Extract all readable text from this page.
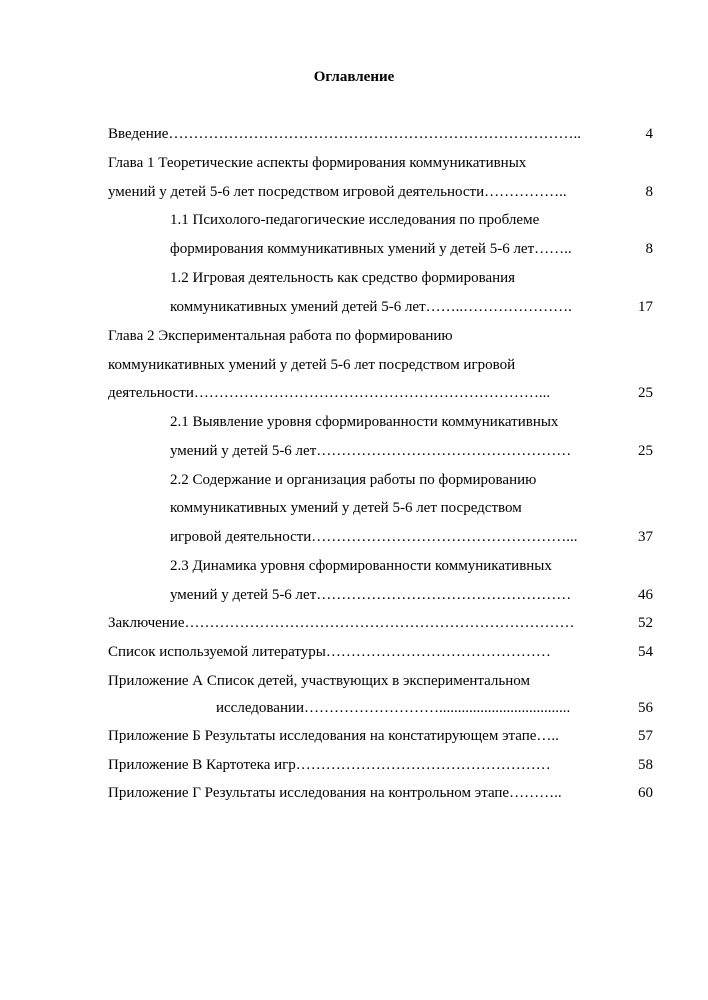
Оглавление
Введение………………………………………………………………………..	4
Глава 1 Теоретические аспекты формирования коммуникативных
умений у детей 5-6 лет посредством игровой деятельности……………..	8
1.1 Психолого-педагогические исследования по проблеме
формирования коммуникативных умений у детей 5-6 лет……..	8
1.2 Игровая деятельность как средство формирования
коммуникативных умений детей 5-6 лет……..………………….	17
Глава 2 Экспериментальная работа по формированию
коммуникативных умений у детей 5-6 лет посредством игровой
деятельности……………………………………………………………...	25
2.1 Выявление уровня сформированности коммуникативных
умений у детей 5-6 лет……………………………………………	25
2.2 Содержание и организация работы по формированию
коммуникативных умений у детей 5-6 лет посредством
игровой деятельности……………………………………………...	37
2.3 Динамика уровня сформированности коммуникативных
умений у детей 5-6 лет……………………………………………	46
Заключение……………………………………………………………………	52
Список используемой литературы………………………………………	54
Приложение А Список детей, участвующих в экспериментальном
исследовании………………………...................................	56
Приложение Б Результаты исследования на констатирующем этапе…..	57
Приложение В Картотека игр……………………………………………	58
Приложение Г Результаты исследования на контрольном этапе………..	60
